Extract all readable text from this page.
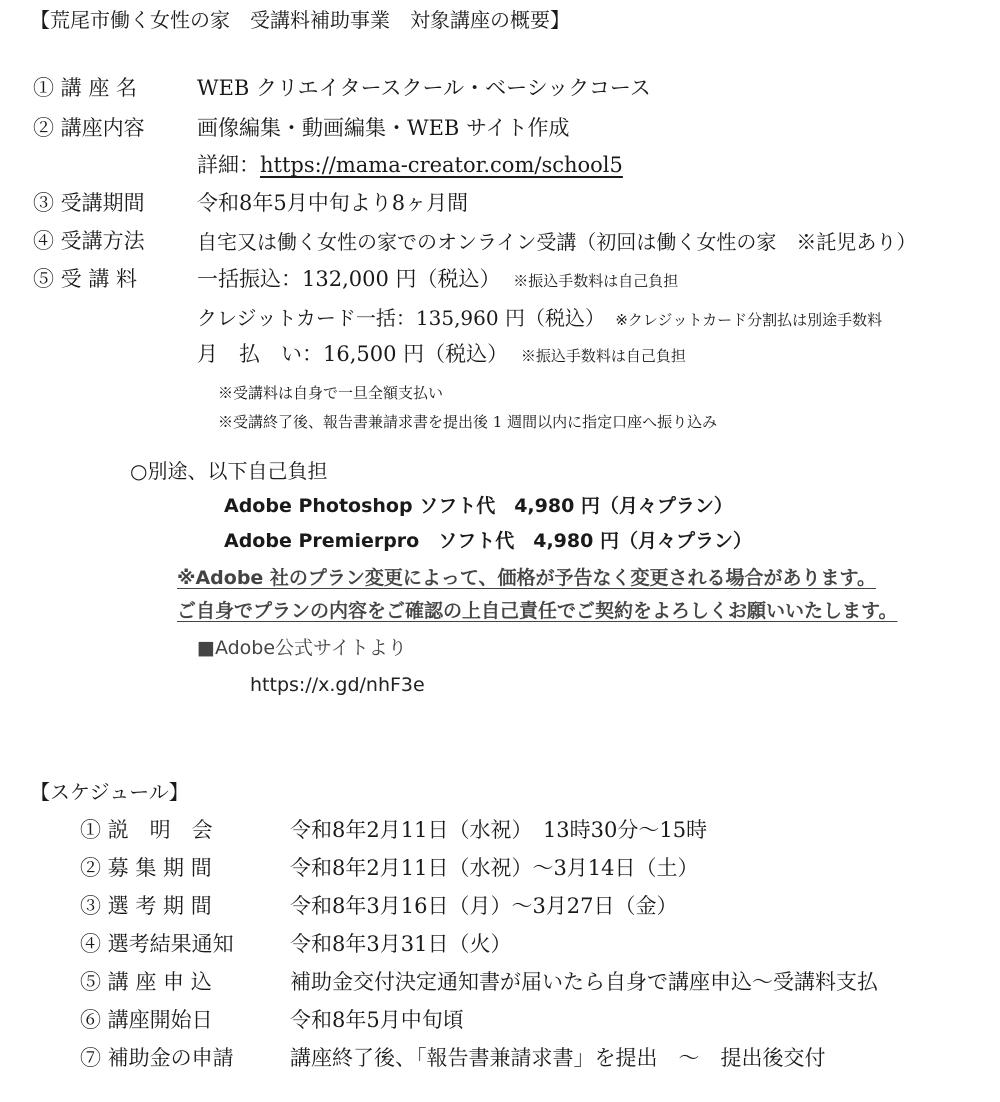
【荒尾市働く女性の家　受講料補助事業　対象講座の概要】
① 講 座 名	WEB クリエイタースクール・ベーシックコース
② 講座内容 画像編集・動画編集・WEB サイト作成
詳細：https://mama-creator.com/school5
③ 受講期間 令和8年5月中旬より8ヶ月間
④ 受講方法	自宅又は働く女性の家でのオンライン受講（初回は働く女性の家　※託児あり）
⑤ 受 講 料	一括振込：132,000 円（税込） ※振込手数料は自己負担
クレジットカード一括：135,960 円（税込） ※クレジットカード分割払は別途手数料
月　払　い：16,500 円（税込） ※振込手数料は自己負担
※受講料は自身で一旦全額支払い
※受講終了後、報告書兼請求書を提出後 1 週間以内に指定口座へ振り込み
○別途、以下自己負担
Adobe Photoshop ソフト代　4,980 円（月々プラン）
Adobe Premierpro　ソフト代　4,980 円（月々プラン）
※Adobe 社のプラン変更によって、価格が予告なく変更される場合があります。
ご自身でプランの内容をご確認の上自己責任でご契約をよろしくお願いいたします。
■Adobe公式サイトより
https://x.gd/nhF3e
【スケジュール】
① 説　明　会	令和8年2月11日（水祝）　13時30分～15時
② 募 集 期 間	令和8年2月11日（水祝）～3月14日（土）
③ 選 考 期 間	令和8年3月16日（月）～3月27日（金）
④ 選考結果通知	令和8年3月31日（火）
⑤ 講 座 申 込	補助金交付決定通知書が届いたら自身で講座申込～受講料支払
⑥ 講座開始日	令和8年5月中旬頃
⑦ 補助金の申請	講座終了後、「報告書兼請求書」を提出　～　提出後交付
